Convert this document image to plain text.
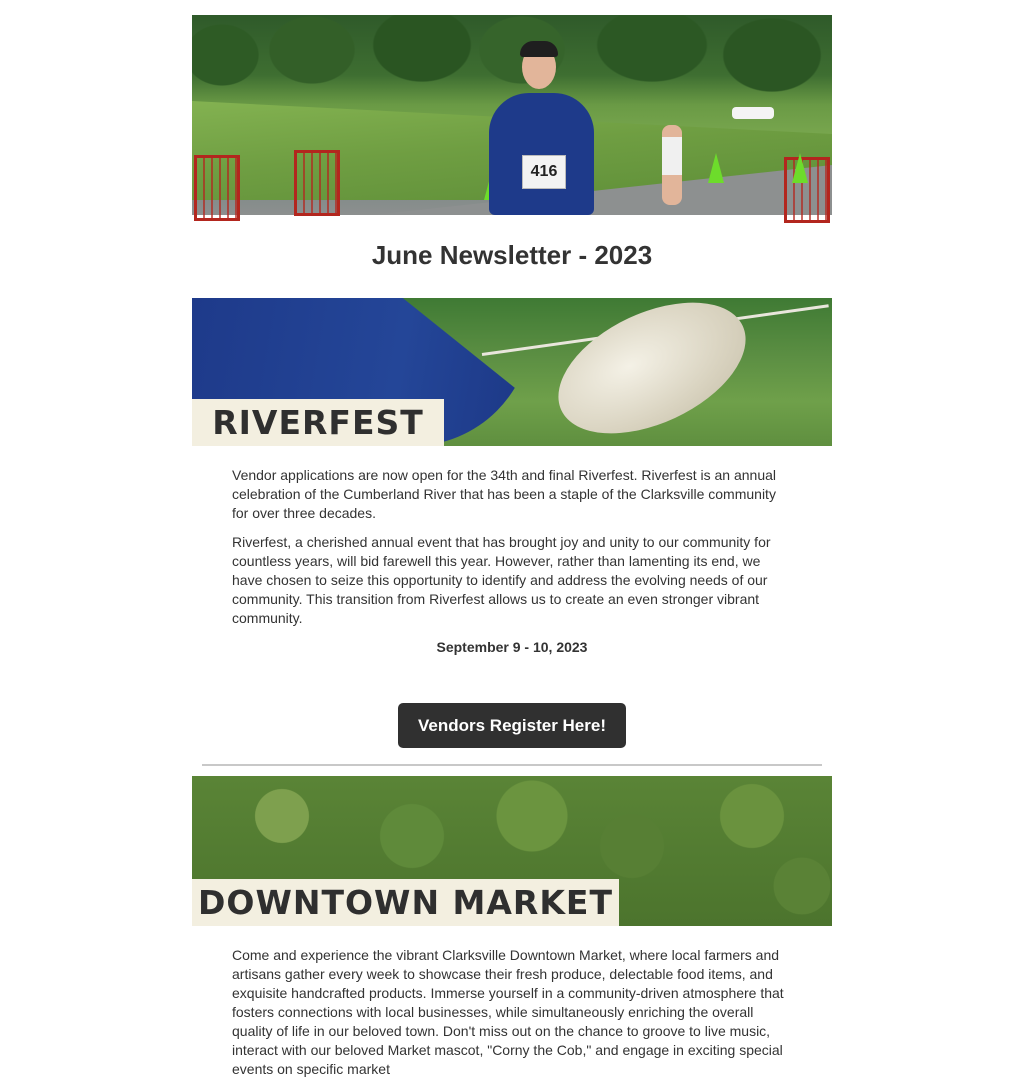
416
June Newsletter - 2023
RIVERFEST

Vendor applications are now open for the 34th and final Riverfest. Riverfest is an annual celebration of the Cumberland River that has been a staple of the Clarksville community for over three decades.

Riverfest, a cherished annual event that has brought joy and unity to our community for countless years, will bid farewell this year. However, rather than lamenting its end, we have chosen to seize this opportunity to identify and address the evolving needs of our community. This transition from Riverfest allows us to create an even stronger vibrant community.

September 9 - 10, 2023

Vendors Register Here!
DOWNTOWN MARKET

Come and experience the vibrant Clarksville Downtown Market, where local farmers and artisans gather every week to showcase their fresh produce, delectable food items, and exquisite handcrafted products. Immerse yourself in a community-driven atmosphere that fosters connections with local businesses, while simultaneously enriching the overall quality of life in our beloved town. Don't miss out on the chance to groove to live music, interact with our beloved Market mascot, "Corny the Cob," and engage in exciting special events on specific market
